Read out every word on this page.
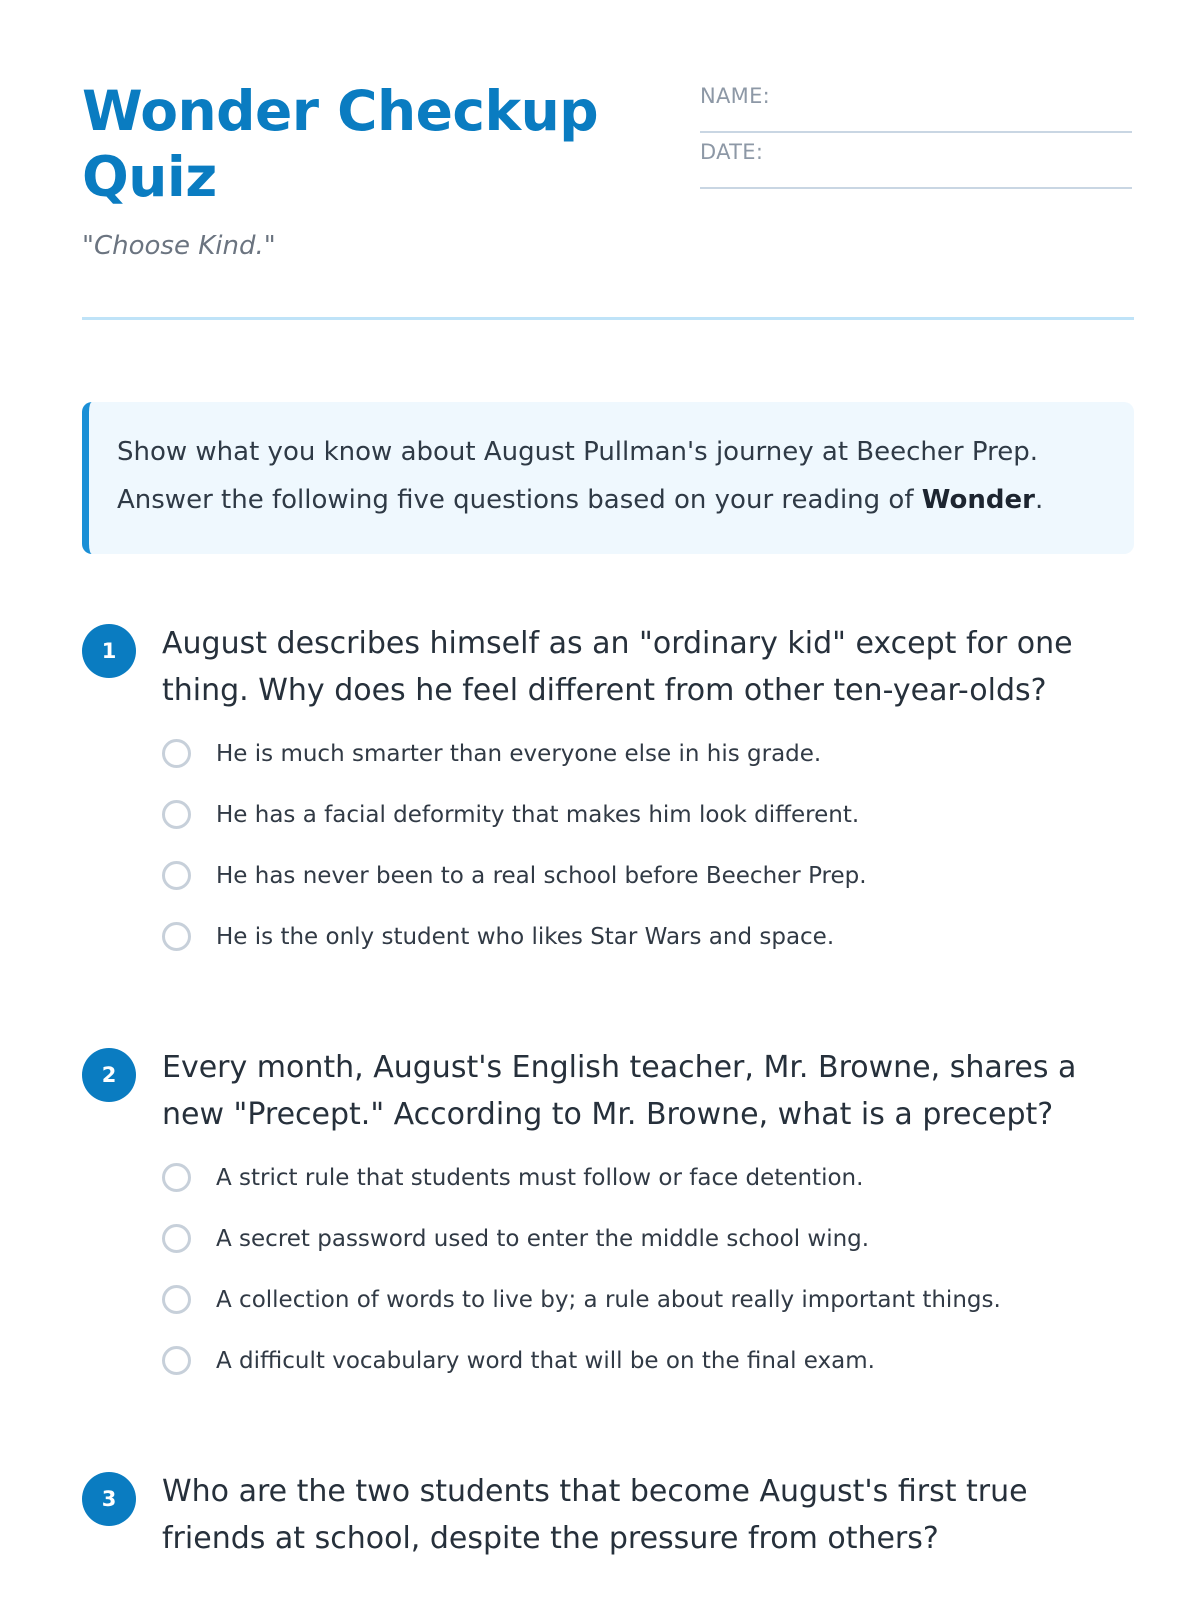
Wonder Checkup Quiz

"Choose Kind."

NAME:
DATE:
Show what you know about August Pullman's journey at Beecher Prep.
Answer the following five questions based on your reading of Wonder.
1	August describes himself as an "ordinary kid" except for one thing. Why does he feel different from other ten-year-olds?
He is much smarter than everyone else in his grade.
He has a facial deformity that makes him look different.
He has never been to a real school before Beecher Prep.
He is the only student who likes Star Wars and space.
2	Every month, August's English teacher, Mr. Browne, shares a new "Precept." According to Mr. Browne, what is a precept?
A strict rule that students must follow or face detention.
A secret password used to enter the middle school wing.
A collection of words to live by; a rule about really important things.
A difficult vocabulary word that will be on the final exam.
3	Who are the two students that become August's first true friends at school, despite the pressure from others?
